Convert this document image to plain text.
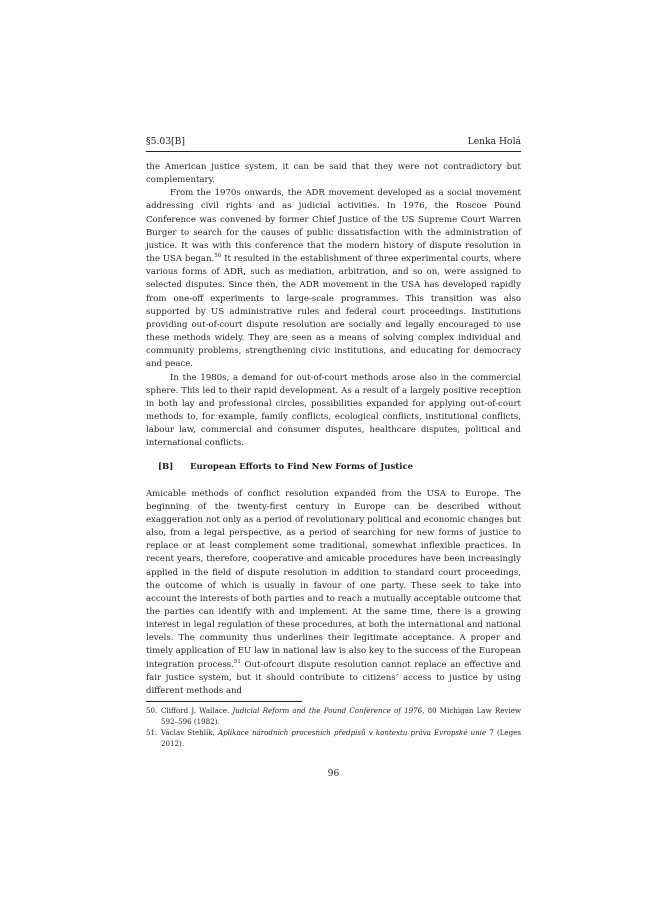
§5.03[B]	Lenka Holá

the American justice system, it can be said that they were not contradictory but complementary.

From the 1970s onwards, the ADR movement developed as a social movement addressing civil rights and as judicial activities. In 1976, the Roscoe Pound Conference was convened by former Chief Justice of the US Supreme Court Warren Burger to search for the causes of public dissatisfaction with the administration of justice. It was with this conference that the modern history of dispute resolution in the USA began.$^{50}$ It resulted in the establishment of three experimental courts, where various forms of ADR, such as mediation, arbitration, and so on, were assigned to selected disputes. Since then, the ADR movement in the USA has developed rapidly from one-off experiments to large-scale programmes. This transition was also supported by US administrative rules and federal court proceedings. Institutions providing out-of-court dispute resolution are socially and legally encouraged to use these methods widely. They are seen as a means of solving complex individual and community problems, strengthening civic institutions, and educating for democracy and peace.

In the 1980s, a demand for out-of-court methods arose also in the commercial sphere. This led to their rapid development. As a result of a largely positive reception in both lay and professional circles, possibilities expanded for applying out-of-court methods to, for example, family conflicts, ecological conflicts, institutional conflicts, labour law, commercial and consumer disputes, healthcare disputes, political and international conflicts.

[B]	European Efforts to Find New Forms of Justice

Amicable methods of conflict resolution expanded from the USA to Europe. The beginning of the twenty-first century in Europe can be described without exaggeration not only as a period of revolutionary political and economic changes but also, from a legal perspective, as a period of searching for new forms of justice to replace or at least complement some traditional, somewhat inflexible practices. In recent years, therefore, cooperative and amicable procedures have been increasingly applied in the field of dispute resolution in addition to standard court proceedings, the outcome of which is usually in favour of one party. These seek to take into account the interests of both parties and to reach a mutually acceptable outcome that the parties can identify with and implement. At the same time, there is a growing interest in legal regulation of these procedures, at both the international and national levels. The community thus underlines their legitimate acceptance. A proper and timely application of EU law in national law is also key to the success of the European integration process.$^{51}$ Out-ofcourt dispute resolution cannot replace an effective and fair justice system, but it should contribute to citizens’ access to justice by using different methods and

50. Clifford J. Wallace. Judicial Reform and the Pound Conference of 1976, 80 Michigan Law Review 592–596 (1982).
51. Václav Stehlík, Aplikace národních procesních předpisů v kontextu práva Evropské unie 7 (Leges 2012).
96
